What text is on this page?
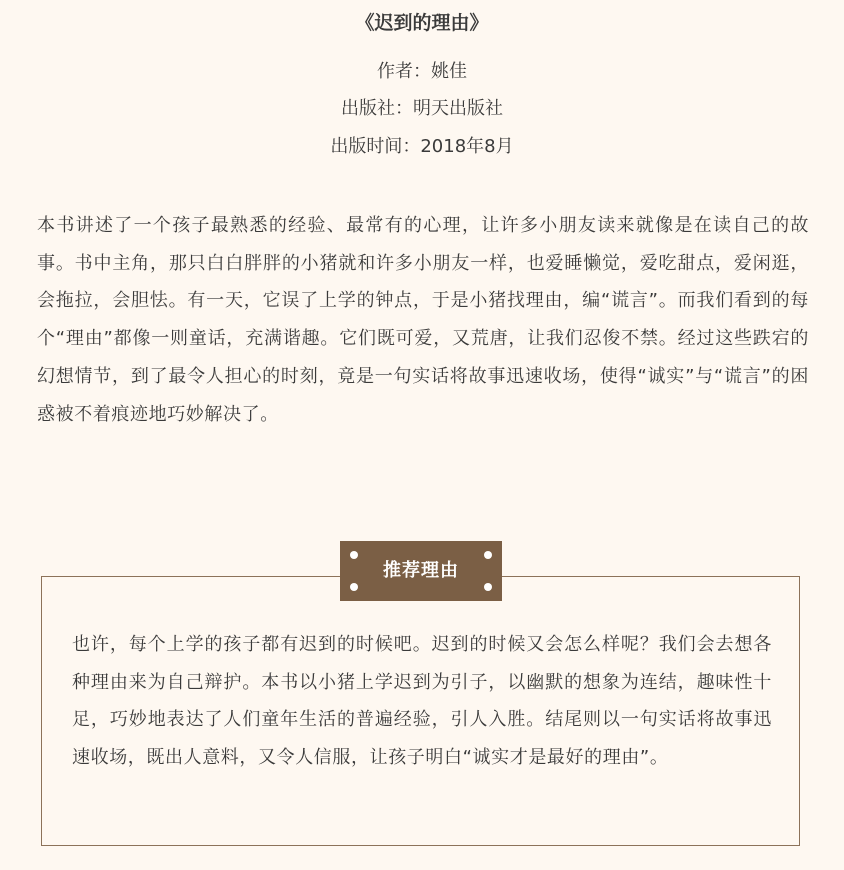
《迟到的理由》
作者：姚佳
出版社：明天出版社
出版时间：2018年8月

本书讲述了一个孩子最熟悉的经验、最常有的心理，让许多小朋友读来就像是在读自己的故事。书中主角，那只白白胖胖的小猪就和许多小朋友一样，也爱睡懒觉，爱吃甜点，爱闲逛，会拖拉，会胆怯。有一天，它误了上学的钟点，于是小猪找理由，编“谎言”。而我们看到的每个“理由”都像一则童话，充满谐趣。它们既可爱，又荒唐，让我们忍俊不禁。经过这些跌宕的幻想情节，到了最令人担心的时刻，竟是一句实话将故事迅速收场，使得“诚实”与“谎言”的困惑被不着痕迹地巧妙解决了。

推荐理由

也许，每个上学的孩子都有迟到的时候吧。迟到的时候又会怎么样呢？我们会去想各种理由来为自己辩护。本书以小猪上学迟到为引子，以幽默的想象为连结，趣味性十足，巧妙地表达了人们童年生活的普遍经验，引人入胜。结尾则以一句实话将故事迅速收场，既出人意料，又令人信服，让孩子明白“诚实才是最好的理由”。
